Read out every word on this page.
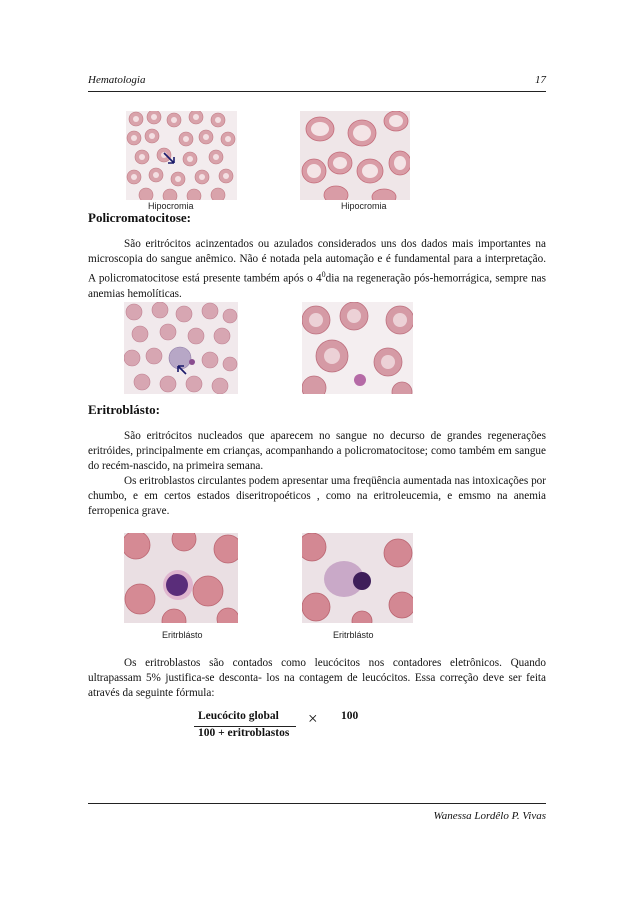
Hematologia	17
Hipocromia	Hipocromia
Policromatocitose:

São eritrócitos acinzentados ou azulados considerados uns dos dados mais importantes na microscopia do sangue anêmico. Não é notada pela automação e é fundamental para a interpretação. A policromatocitose está presente também após o $4^0dia$ na regeneração pós-hemorrágica, sempre nas anemias hemolíticas.

Eritroblásto:

São eritrócitos nucleados que aparecem no sangue no decurso de grandes regenerações eritróides, principalmente em crianças, acompanhando a policromatocitose; como também em sangue do recém-nascido, na primeira semana.

Os eritroblastos circulantes podem apresentar uma freqüência aumentada nas intoxicações por chumbo, e em certos estados diseritropoéticos , como na eritroleucemia, e emsmo na anemia ferropenica grave.

Eritrblásto	Eritrblásto

Os eritroblastos são contados como leucócitos nos contadores eletrônicos. Quando ultrapassam 5% justifica-se desconta- los na contagem de leucócitos. Essa correção deve ser feita através da seguinte fórmula:

Leucócito global
100 + eritroblastos
× 100
Wanessa Lordêlo P. Vivas
